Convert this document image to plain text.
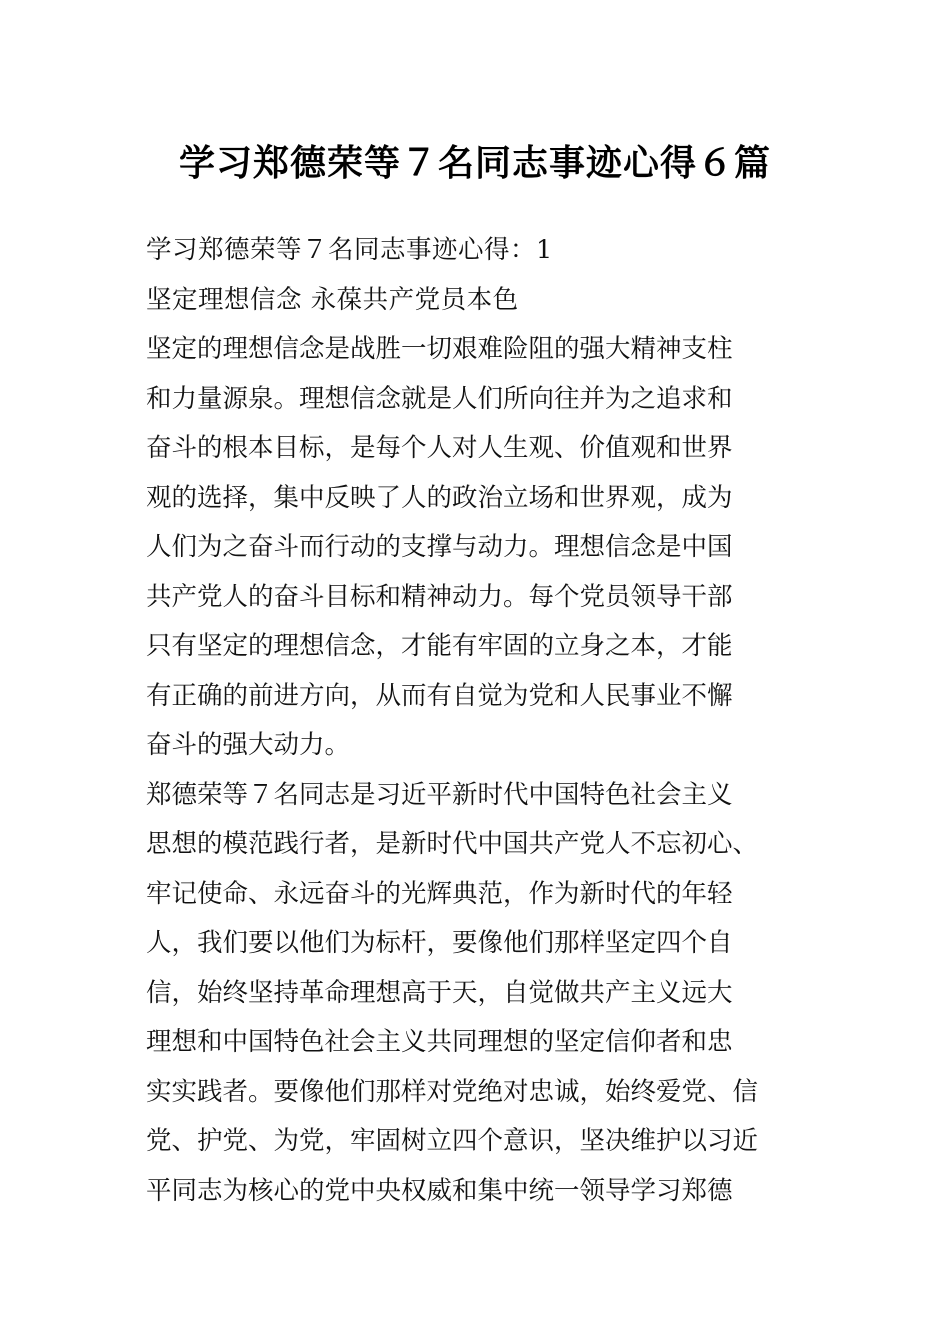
学习郑德荣等７名同志事迹心得６篇
学习郑德荣等７名同志事迹心得：1
坚定理想信念 永葆共产党员本色
坚定的理想信念是战胜一切艰难险阻的强大精神支柱
和力量源泉。理想信念就是人们所向往并为之追求和
奋斗的根本目标，是每个人对人生观、价值观和世界
观的选择，集中反映了人的政治立场和世界观，成为
人们为之奋斗而行动的支撑与动力。理想信念是中国
共产党人的奋斗目标和精神动力。每个党员领导干部
只有坚定的理想信念，才能有牢固的立身之本，才能
有正确的前进方向，从而有自觉为党和人民事业不懈
奋斗的强大动力。
郑德荣等７名同志是习近平新时代中国特色社会主义
思想的模范践行者，是新时代中国共产党人不忘初心、
牢记使命、永远奋斗的光辉典范，作为新时代的年轻
人，我们要以他们为标杆，要像他们那样坚定四个自
信，始终坚持革命理想高于天，自觉做共产主义远大
理想和中国特色社会主义共同理想的坚定信仰者和忠
实实践者。要像他们那样对党绝对忠诚，始终爱党、信
党、护党、为党，牢固树立四个意识，坚决维护以习近
平同志为核心的党中央权威和集中统一领导学习郑德
